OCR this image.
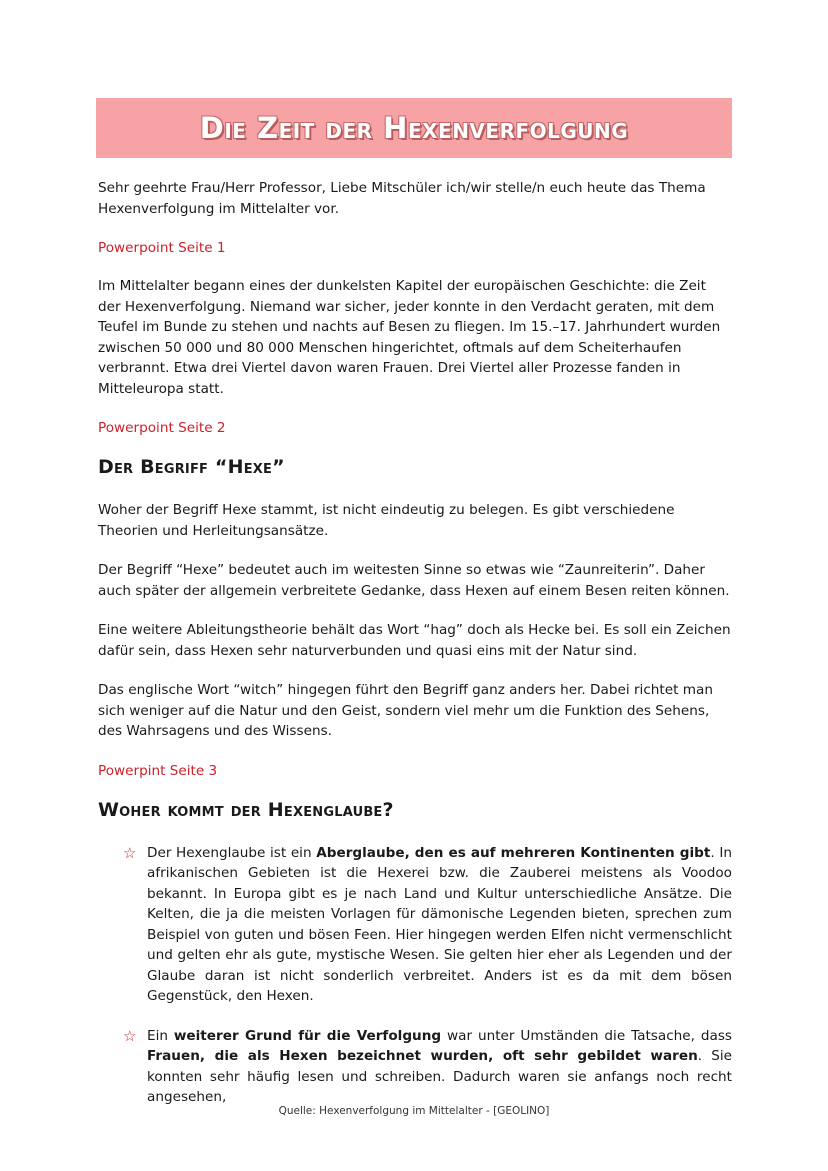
Die Zeit der Hexenverfolgung

Sehr geehrte Frau/Herr Professor, Liebe Mitschüler ich/wir stelle/n euch heute das Thema Hexenverfolgung im Mittelalter vor.

Powerpoint Seite 1

Im Mittelalter begann eines der dunkelsten Kapitel der europäischen Geschichte: die Zeit der Hexenverfolgung. Niemand war sicher, jeder konnte in den Verdacht geraten, mit dem Teufel im Bunde zu stehen und nachts auf Besen zu fliegen. Im 15.–17. Jahrhundert wurden zwischen 50 000 und 80 000 Menschen hingerichtet, oftmals auf dem Scheiterhaufen verbrannt. Etwa drei Viertel davon waren Frauen. Drei Viertel aller Prozesse fanden in Mitteleuropa statt.

Powerpoint Seite 2
Der Begriff “Hexe”

Woher der Begriff Hexe stammt, ist nicht eindeutig zu belegen. Es gibt verschiedene Theorien und Herleitungsansätze.

Der Begriff “Hexe” bedeutet auch im weitesten Sinne so etwas wie “Zaunreiterin”. Daher auch später der allgemein verbreitete Gedanke, dass Hexen auf einem Besen reiten können.

Eine weitere Ableitungstheorie behält das Wort “hag” doch als Hecke bei. Es soll ein Zeichen dafür sein, dass Hexen sehr naturverbunden und quasi eins mit der Natur sind.

Das englische Wort “witch” hingegen führt den Begriff ganz anders her. Dabei richtet man sich weniger auf die Natur und den Geist, sondern viel mehr um die Funktion des Sehens, des Wahrsagens und des Wissens.

Powerpint Seite 3
Woher kommt der Hexenglaube?
☆ Der Hexenglaube ist ein Aberglaube, den es auf mehreren Kontinenten gibt. In afrikanischen Gebieten ist die Hexerei bzw. die Zauberei meistens als Voodoo bekannt. In Europa gibt es je nach Land und Kultur unterschiedliche Ansätze. Die Kelten, die ja die meisten Vorlagen für dämonische Legenden bieten, sprechen zum Beispiel von guten und bösen Feen. Hier hingegen werden Elfen nicht vermenschlicht und gelten ehr als gute, mystische Wesen. Sie gelten hier eher als Legenden und der Glaube daran ist nicht sonderlich verbreitet. Anders ist es da mit dem bösen Gegenstück, den Hexen.
☆ Ein weiterer Grund für die Verfolgung war unter Umständen die Tatsache, dass Frauen, die als Hexen bezeichnet wurden, oft sehr gebildet waren. Sie konnten sehr häufig lesen und schreiben. Dadurch waren sie anfangs noch recht angesehen,
Quelle: Hexenverfolgung im Mittelalter - [GEOLINO]
